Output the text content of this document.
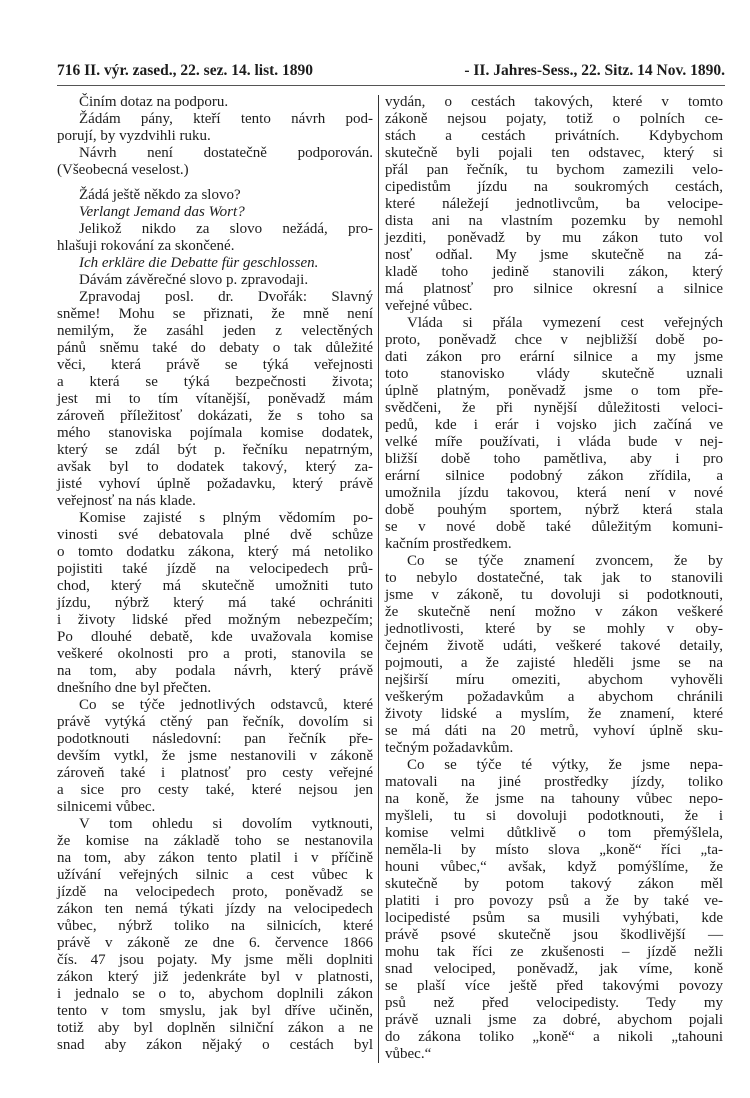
716 II. výr. zased., 22. sez. 14. list. 1890	- II. Jahres-Sess., 22. Sitz. 14 Nov. 1890.
Činím dotaz na podporu.
Žádám pány, kteří tento návrh pod-
porují, by vyzdvihli ruku.
Návrh není dostatečně podporován.
(Všeobecná veselost.)
Žádá ještě někdo za slovo?
Verlangt Jemand das Wort?
Jelikož nikdo za slovo nežádá, pro-
hlašuji rokování za skončené.
Ich erkläre die Debatte für geschlossen.
Dávám závěrečné slovo p. zpravodaji.
Zpravodaj posl. dr. Dvořák: Slavný
sněme! Mohu se přiznati, že mně není
nemilým, že zasáhl jeden z velectěných
pánů sněmu také do debaty o tak důležité
věci, která právě se týká veřejnosti
a která se týká bezpečnosti života;
jest mi to tím vítanější, poněvadž mám
zároveň příležitosť dokázati, že s toho sa
mého stanoviska pojímala komise dodatek,
který se zdál být p. řečníku nepatrným,
avšak byl to dodatek takový, který za-
jisté vyhoví úplně požadavku, který právě
veřejnosť na nás klade.
Komise zajisté s plným vědomím po-
vinosti své debatovala plné dvě schůze
o tomto dodatku zákona, který má netoliko
pojistiti také jízdě na velocipedech prů-
chod, který má skutečně umožniti tuto
jízdu, nýbrž který má také ochrániti
i životy lidské před možným nebezpečím;
Po dlouhé debatě, kde uvažovala komise
veškeré okolnosti pro a proti, stanovila se
na tom, aby podala návrh, který právě
dnešního dne byl přečten.
Co se týče jednotlivých odstavců, které
právě vytýká ctěný pan řečník, dovolím si
podotknouti následovní: pan řečník pře-
devším vytkl, že jsme nestanovili v zákoně
zároveň také i platnosť pro cesty veřejné
a sice pro cesty také, které nejsou jen
silnicemi vůbec.
V tom ohledu si dovolím vytknouti,
že komise na základě toho se nestanovila
na tom, aby zákon tento platil i v příčině
užívání veřejných silnic a cest vůbec k
jízdě na velocipedech proto, poněvadž se
zákon ten nemá týkati jízdy na velocipedech
vůbec, nýbrž toliko na silnicích, které
právě v zákoně ze dne 6. července 1866
čís. 47 jsou pojaty. My jsme měli doplniti
zákon který již jedenkráte byl v platnosti,
i jednalo se o to, abychom doplnili zákon
tento v tom smyslu, jak byl dříve učiněn,
totiž aby byl doplněn silniční zákon a ne
snad aby zákon nějaký o cestách byl
vydán, o cestách takových, které v tomto
zákoně nejsou pojaty, totiž o polních ce-
stách a cestách privátních. Kdybychom
skutečně byli pojali ten odstavec, který si
přál pan řečník, tu bychom zamezili velo-
cipedistům jízdu na soukromých cestách,
které náležejí jednotlivcům, ba velocipe-
dista ani na vlastním pozemku by nemohl
jezditi, poněvadž by mu zákon tuto vol
nosť odňal. My jsme skutečně na zá-
kladě toho jedině stanovili zákon, který
má platnosť pro silnice okresní a silnice
veřejné vůbec.
Vláda si přála vymezení cest veřejných
proto, poněvadž chce v nejbližší době po-
dati zákon pro erární silnice a my jsme
toto stanovisko vlády skutečně uznali
úplně platným, poněvadž jsme o tom pře-
svědčeni, že při nynější důležitosti veloci-
pedů, kde i erár i vojsko jich začíná ve
velké míře používati, i vláda bude v nej-
bližší době toho pamětliva, aby i pro
erární silnice podobný zákon zřídila, a
umožnila jízdu takovou, která není v nové
době pouhým sportem, nýbrž která stala
se v nové době také důležitým komuni-
kačním prostředkem.
Co se týče znamení zvoncem, že by
to nebylo dostatečné, tak jak to stanovili
jsme v zákoně, tu dovoluji si podotknouti,
že skutečně není možno v zákon veškeré
jednotlivosti, které by se mohly v oby-
čejném životě udáti, veškeré takové detaily,
pojmouti, a že zajisté hleděli jsme se na
nejširší míru omeziti, abychom vyhověli
veškerým požadavkům a abychom chránili
životy lidské a myslím, že znamení, které
se má dáti na 20 metrů, vyhoví úplně sku-
tečným požadavkům.
Co se týče té výtky, že jsme nepa-
matovali na jiné prostředky jízdy, toliko
na koně, že jsme na tahouny vůbec nepo-
myšleli, tu si dovoluji podotknouti, že i
komise velmi důtklivě o tom přemýšlela,
neměla-li by místo slova „koně“ říci „ta-
houni vůbec,“ avšak, když pomýšlíme, že
skutečně by potom takový zákon měl
platiti i pro povozy psů a že by také ve-
locipedisté psům sa musili vyhýbati, kde
právě psové skutečně jsou škodlivější —
mohu tak říci ze zkušenosti – jízdě nežli
snad velociped, poněvadž, jak víme, koně
se plaší více ještě před takovými povozy
psů než před velocipedisty. Tedy my
právě uznali jsme za dobré, abychom pojali
do zákona toliko „koně“ a nikoli „tahouni
vůbec.“
